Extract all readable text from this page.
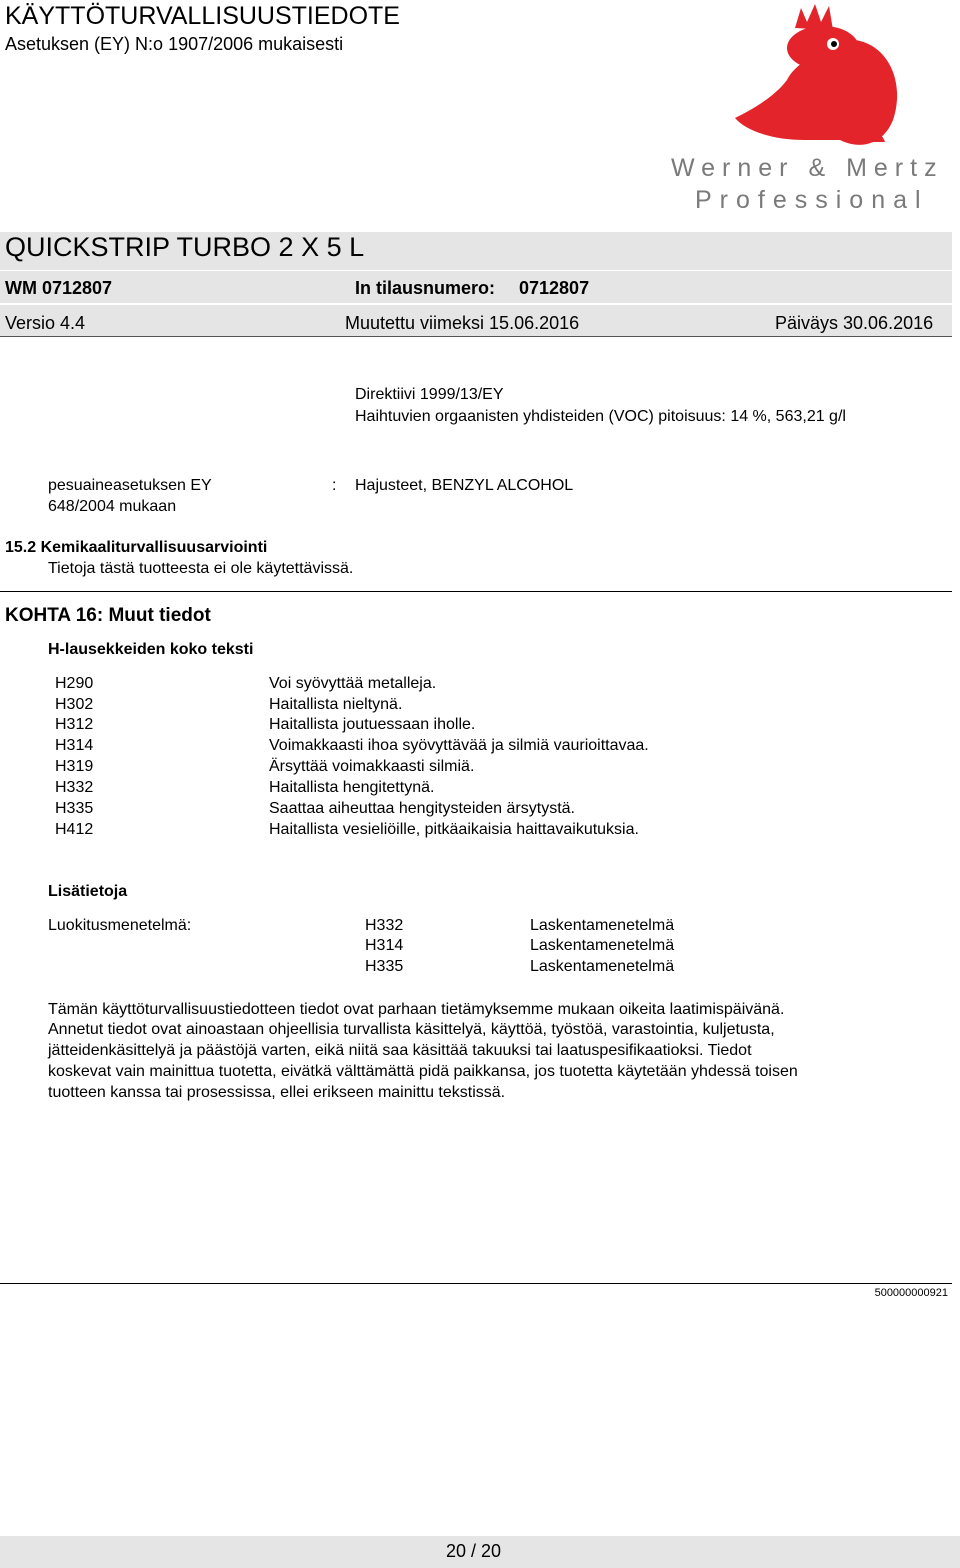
KÄYTTÖTURVALLISUUSTIEDOTE
Asetuksen (EY) N:o 1907/2006 mukaisesti
Werner & Mertz
Professional
QUICKSTRIP TURBO 2 X 5 L
WM 0712807	In tilausnumero: 0712807
Versio 4.4	Muutettu viimeksi 15.06.2016	Päiväys 30.06.2016
Direktiivi 1999/13/EY
Haihtuvien orgaanisten yhdisteiden (VOC) pitoisuus: 14 %, 563,21 g/l
pesuaineasetuksen EY
648/2004 mukaan
: Hajusteet, BENZYL ALCOHOL
15.2 Kemikaaliturvallisuusarviointi
Tietoja tästä tuotteesta ei ole käytettävissä.
KOHTA 16: Muut tiedot
H-lausekkeiden koko teksti
H290	Voi syövyttää metalleja.
H302	Haitallista nieltynä.
H312	Haitallista joutuessaan iholle.
H314	Voimakkaasti ihoa syövyttävää ja silmiä vaurioittavaa.
H319	Ärsyttää voimakkaasti silmiä.
H332	Haitallista hengitettynä.
H335	Saattaa aiheuttaa hengitysteiden ärsytystä.
H412	Haitallista vesieliöille, pitkäaikaisia haittavaikutuksia.
Lisätietoja
Luokitusmenetelmä:	H332	Laskentamenetelmä
H314	Laskentamenetelmä
H335	Laskentamenetelmä
Tämän käyttöturvallisuustiedotteen tiedot ovat parhaan tietämyksemme mukaan oikeita laatimispäivänä.
Annetut tiedot ovat ainoastaan ohjeellisia turvallista käsittelyä, käyttöä, työstöä, varastointia, kuljetusta,
jätteidenkäsittelyä ja päästöjä varten, eikä niitä saa käsittää takuuksi tai laatuspesifikaatioksi. Tiedot
koskevat vain mainittua tuotetta, eivätkä välttämättä pidä paikkansa, jos tuotetta käytetään yhdessä toisen
tuotteen kanssa tai prosessissa, ellei erikseen mainittu tekstissä.
500000000921
20 / 20
